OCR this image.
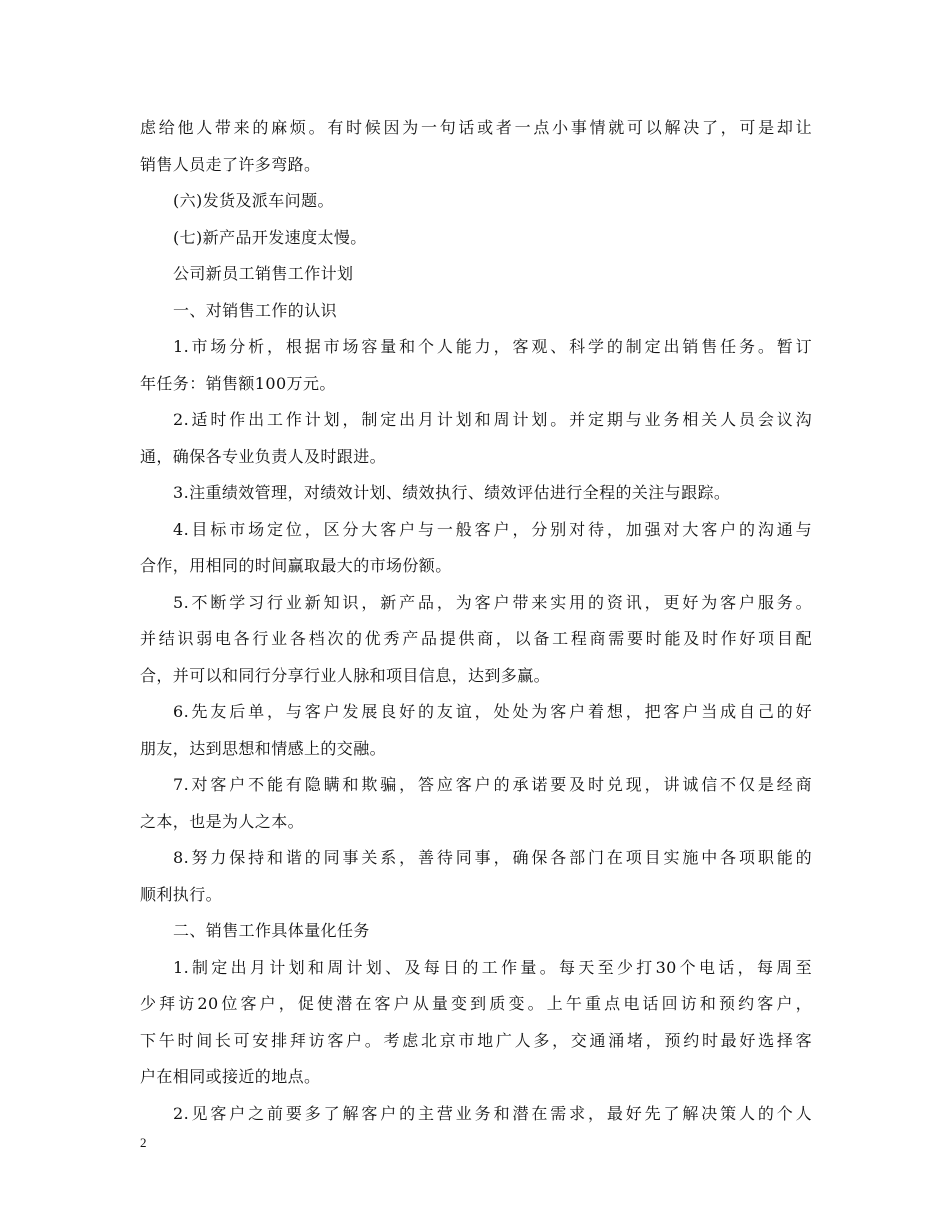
虑给他人带来的麻烦。有时候因为一句话或者一点小事情就可以解决了，可是却让
销售人员走了许多弯路。
(六)发货及派车问题。
(七)新产品开发速度太慢。
公司新员工销售工作计划
一、对销售工作的认识
1.市场分析，根据市场容量和个人能力，客观、科学的制定出销售任务。暂订
年任务：销售额100万元。
2.适时作出工作计划，制定出月计划和周计划。并定期与业务相关人员会议沟
通，确保各专业负责人及时跟进。
3.注重绩效管理，对绩效计划、绩效执行、绩效评估进行全程的关注与跟踪。
4.目标市场定位，区分大客户与一般客户，分别对待，加强对大客户的沟通与
合作，用相同的时间赢取最大的市场份额。
5.不断学习行业新知识，新产品，为客户带来实用的资讯，更好为客户服务。
并结识弱电各行业各档次的优秀产品提供商，以备工程商需要时能及时作好项目配
合，并可以和同行分享行业人脉和项目信息，达到多赢。
6.先友后单，与客户发展良好的友谊，处处为客户着想，把客户当成自己的好
朋友，达到思想和情感上的交融。
7.对客户不能有隐瞒和欺骗，答应客户的承诺要及时兑现，讲诚信不仅是经商
之本，也是为人之本。
8.努力保持和谐的同事关系，善待同事，确保各部门在项目实施中各项职能的
顺利执行。
二、销售工作具体量化任务
1.制定出月计划和周计划、及每日的工作量。每天至少打30个电话，每周至
少拜访20位客户，促使潜在客户从量变到质变。上午重点电话回访和预约客户，
下午时间长可安排拜访客户。考虑北京市地广人多，交通涌堵，预约时最好选择客
户在相同或接近的地点。
2.见客户之前要多了解客户的主营业务和潜在需求，最好先了解决策人的个人
2
